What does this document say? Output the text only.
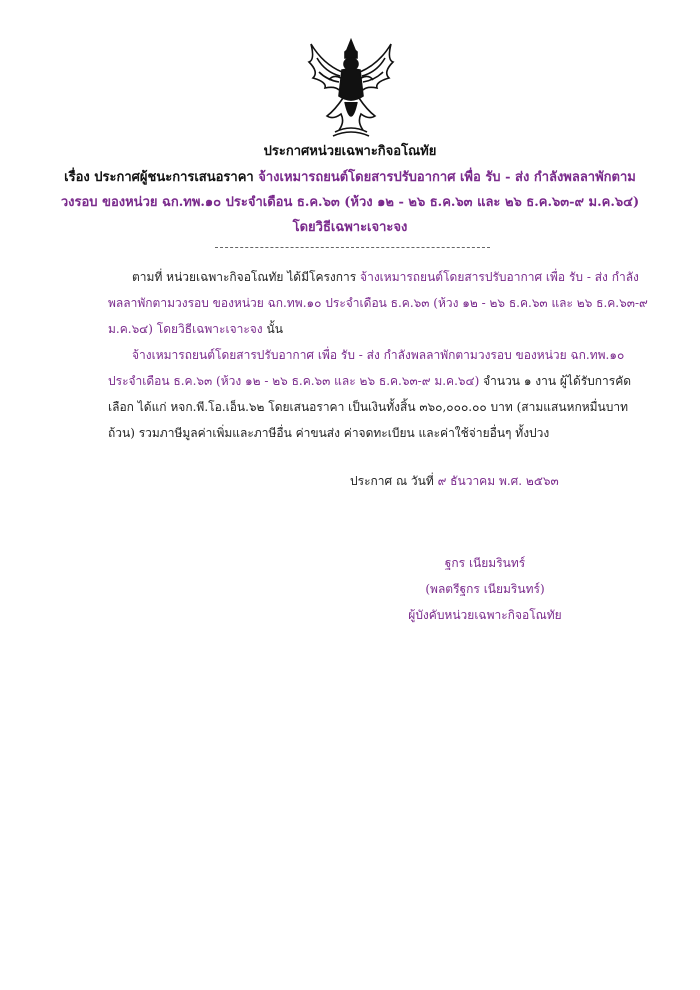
ประกาศหน่วยเฉพาะกิจอโณทัย
เรื่อง ประกาศผู้ชนะการเสนอราคา จ้างเหมารถยนต์โดยสารปรับอากาศ เพื่อ รับ - ส่ง กำลังพลลาพักตามวงรอบ ของหน่วย ฉก.ทพ.๑๐ ประจำเดือน ธ.ค.๖๓ (ห้วง ๑๒ - ๒๖ ธ.ค.๖๓ และ ๒๖ ธ.ค.๖๓-๙ ม.ค.๖๔) โดยวิธีเฉพาะเจาะจง
ตามที่ หน่วยเฉพาะกิจอโณทัย ได้มีโครงการ จ้างเหมารถยนต์โดยสารปรับอากาศ เพื่อ รับ - ส่ง กำลังพลลาพักตามวงรอบ ของหน่วย ฉก.ทพ.๑๐ ประจำเดือน ธ.ค.๖๓ (ห้วง ๑๒ - ๒๖ ธ.ค.๖๓ และ ๒๖ ธ.ค.๖๓-๙ ม.ค.๖๔) โดยวิธีเฉพาะเจาะจง นั้น
จ้างเหมารถยนต์โดยสารปรับอากาศ เพื่อ รับ - ส่ง กำลังพลลาพักตามวงรอบ ของหน่วย ฉก.ทพ.๑๐ ประจำเดือน ธ.ค.๖๓ (ห้วง ๑๒ - ๒๖ ธ.ค.๖๓ และ ๒๖ ธ.ค.๖๓-๙ ม.ค.๖๔) จำนวน ๑ งาน ผู้ได้รับการคัดเลือก ได้แก่ หจก.พี.โอ.เอ็น.๖๒ โดยเสนอราคา เป็นเงินทั้งสิ้น ๓๖๐,๐๐๐.๐๐ บาท (สามแสนหกหมื่นบาทถ้วน) รวมภาษีมูลค่าเพิ่มและภาษีอื่น ค่าขนส่ง ค่าจดทะเบียน และค่าใช้จ่ายอื่นๆ ทั้งปวง
ประกาศ ณ วันที่ ๙ ธันวาคม พ.ศ. ๒๕๖๓
ฐกร เนียมรินทร์
(พลตรีฐกร เนียมรินทร์)
ผู้บังคับหน่วยเฉพาะกิจอโณทัย
